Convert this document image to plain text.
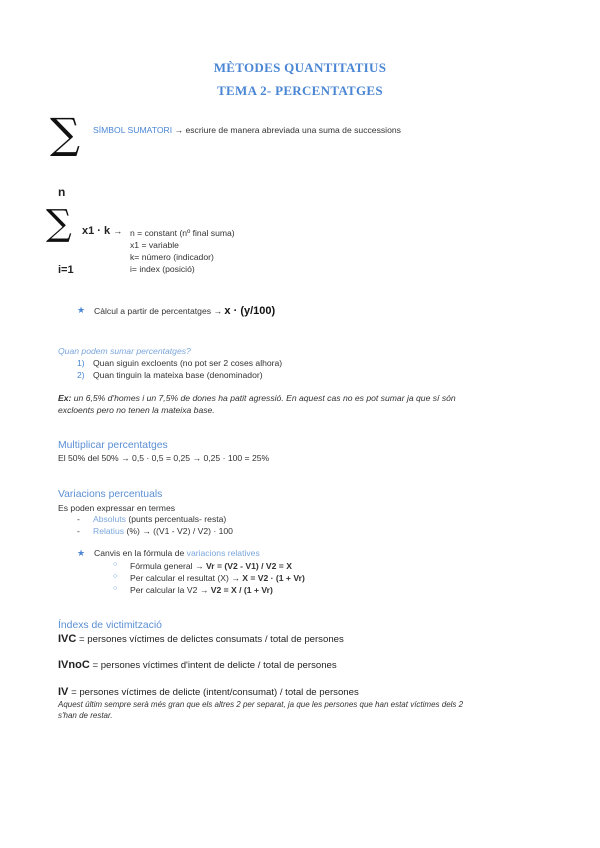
MÈTODES QUANTITATIUS
TEMA 2- PERCENTATGES
∑ SÍMBOL SUMATORI → escriure de manera abreviada una suma de successions
n
∑
i=1
x1 · k → n = constant (nº final suma)
x1 = variable
k= número (indicador)
i= index (posició)
★ Càlcul a partir de percentatges → x · (y/100)
Quan podem sumar percentatges?
1) Quan siguin excloents (no pot ser 2 coses alhora)
2) Quan tinguin la mateixa base (denominador)
Ex: un 6,5% d'homes i un 7,5% de dones ha patit agressió. En aquest cas no es pot sumar ja que sí són
excloents pero no tenen la mateixa base.
Multiplicar percentatges
El 50% del 50% → 0,5 · 0,5 = 0,25 → 0,25 · 100 = 25%
Variacions percentuals
Es poden expressar en termes
- Absoluts (punts percentuals- resta)
- Relatius (%) → ((V1 - V2) / V2) · 100
★ Canvis en la fórmula de variacions relatives
○ Fórmula general → Vr = (V2 - V1) / V2 = X
○ Per calcular el resultat (X) → X = V2 · (1 + Vr)
○ Per calcular la V2 → V2 = X / (1 + Vr)
Índexs de victimització
IVC = persones víctimes de delictes consumats / total de persones
IVnoC = persones víctimes d'intent de delicte / total de persones
IV = persones víctimes de delicte (intent/consumat) / total de persones
Aquest últim sempre serà més gran que els altres 2 per separat, ja que les persones que han estat víctimes dels 2
s'han de restar.
